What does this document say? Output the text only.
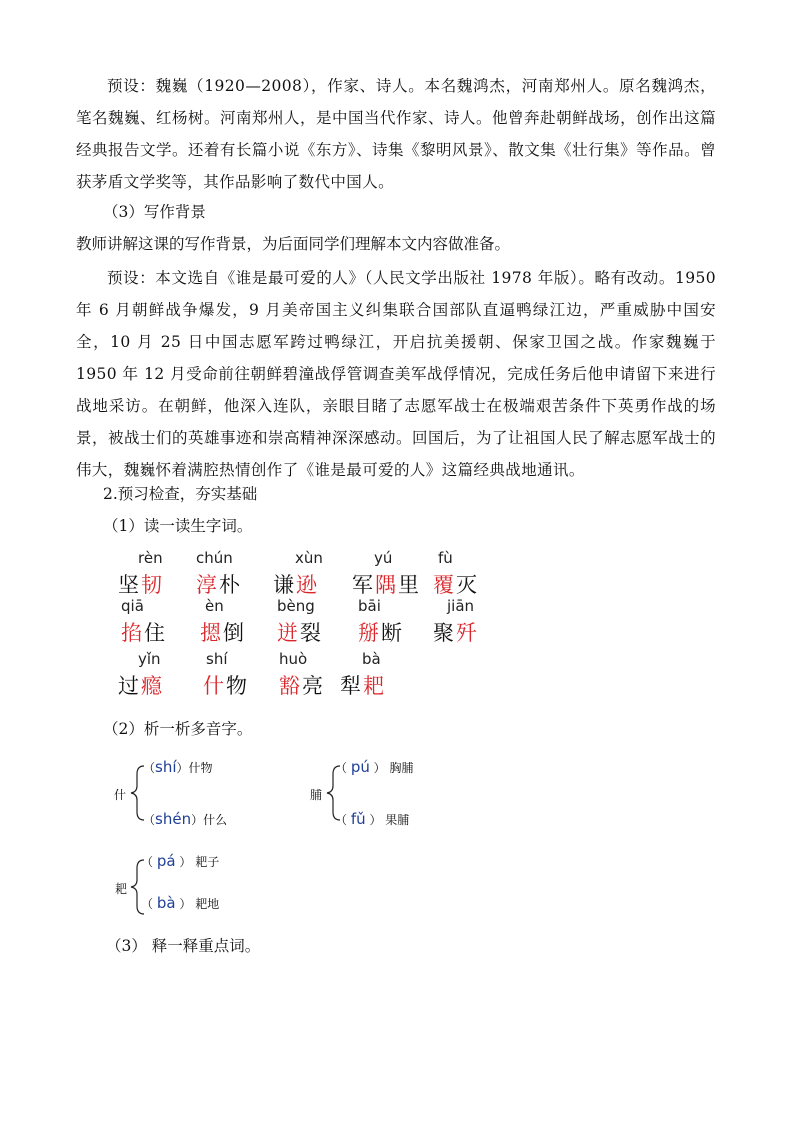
预设：魏巍（1920—2008），作家、诗人。本名魏鸿杰，河南郑州人。原名魏鸿杰，笔名魏巍、红杨树。河南郑州人，是中国当代作家、诗人。他曾奔赴朝鲜战场，创作出这篇经典报告文学。还着有长篇小说《东方》、诗集《黎明风景》、散文集《壮行集》等作品。曾获茅盾文学奖等，其作品影响了数代中国人。
（3）写作背景
教师讲解这课的写作背景，为后面同学们理解本文内容做准备。
预设：本文选自《谁是最可爱的人》（人民文学出版社 1978 年版）。略有改动。1950 年 6 月朝鲜战争爆发，9 月美帝国主义纠集联合国部队直逼鸭绿江边，严重威胁中国安全，10 月 25 日中国志愿军跨过鸭绿江，开启抗美援朝、保家卫国之战。作家魏巍于 1950 年 12 月受命前往朝鲜碧潼战俘管调查美军战俘情况，完成任务后他申请留下来进行战地采访。在朝鲜，他深入连队，亲眼目睹了志愿军战士在极端艰苦条件下英勇作战的场景，被战士们的英雄事迹和崇高精神深深感动。回国后，为了让祖国人民了解志愿军战士的伟大，魏巍怀着满腔热情创作了《谁是最可爱的人》这篇经典战地通讯。
2.预习检查，夯实基础
（1）读一读生字词。
rèn
坚韧
chún
淳朴
xùn
谦逊
yú
军隅里
fù
覆灭
qiā
掐住
èn
摁倒
bèng
迸裂
bāi
掰断
jiān
聚歼
yǐn
过瘾
shí
什物
huò
豁亮
bà
犁耙
（2）析一析多音字。
什
（shí）什物
（shén）什么
脯
（ pú ） 胸脯
（ fǔ ） 果脯
耙
（ pá ） 耙子
（ bà ） 耙地
（3） 释一释重点词。
